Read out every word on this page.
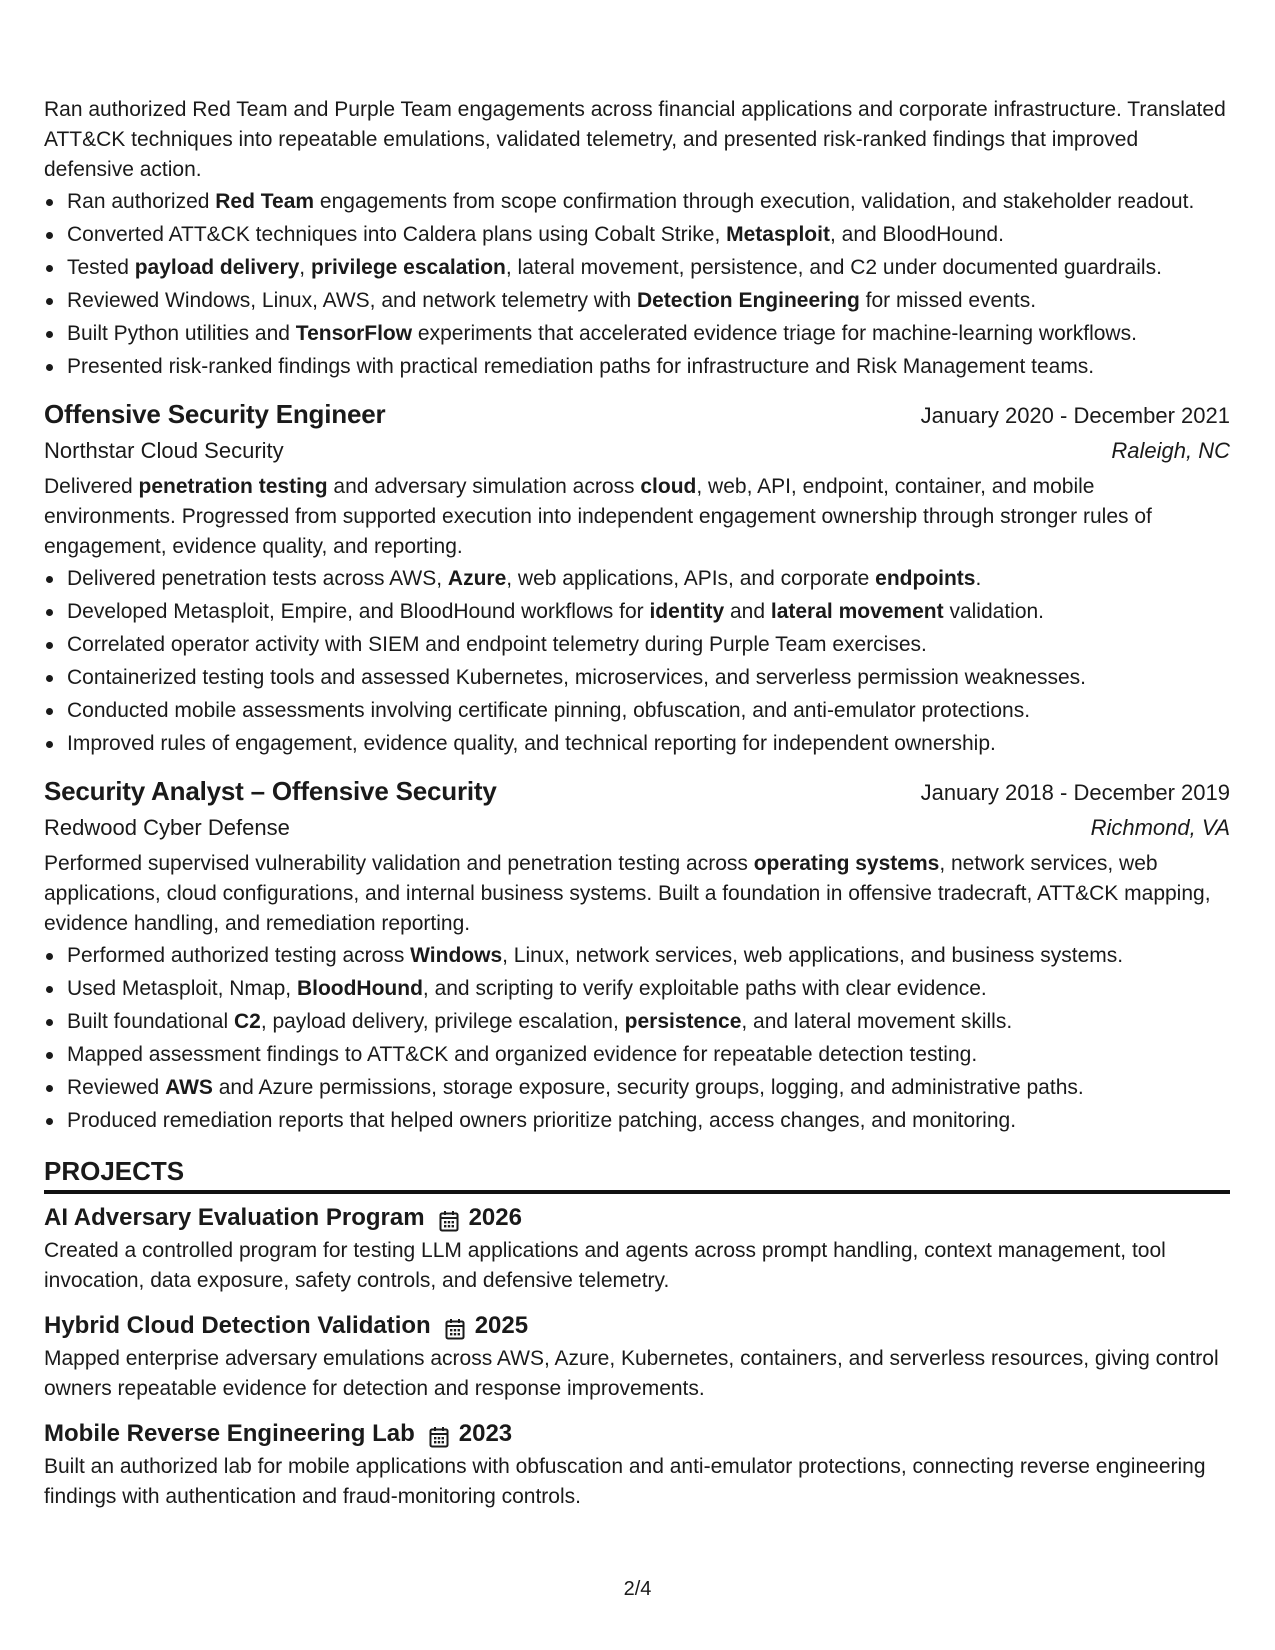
Ran authorized Red Team and Purple Team engagements across financial applications and corporate infrastructure. Translated ATT&CK techniques into repeatable emulations, validated telemetry, and presented risk-ranked findings that improved defensive action.

Ran authorized Red Team engagements from scope confirmation through execution, validation, and stakeholder readout.
Converted ATT&CK techniques into Caldera plans using Cobalt Strike, Metasploit, and BloodHound.
Tested payload delivery, privilege escalation, lateral movement, persistence, and C2 under documented guardrails.
Reviewed Windows, Linux, AWS, and network telemetry with Detection Engineering for missed events.
Built Python utilities and TensorFlow experiments that accelerated evidence triage for machine-learning workflows.
Presented risk-ranked findings with practical remediation paths for infrastructure and Risk Management teams.
Offensive Security Engineer	January 2020 - December 2021
Northstar Cloud Security	Raleigh, NC

Delivered penetration testing and adversary simulation across cloud, web, API, endpoint, container, and mobile environments. Progressed from supported execution into independent engagement ownership through stronger rules of engagement, evidence quality, and reporting.

Delivered penetration tests across AWS, Azure, web applications, APIs, and corporate endpoints.
Developed Metasploit, Empire, and BloodHound workflows for identity and lateral movement validation.
Correlated operator activity with SIEM and endpoint telemetry during Purple Team exercises.
Containerized testing tools and assessed Kubernetes, microservices, and serverless permission weaknesses.
Conducted mobile assessments involving certificate pinning, obfuscation, and anti-emulator protections.
Improved rules of engagement, evidence quality, and technical reporting for independent ownership.
Security Analyst – Offensive Security	January 2018 - December 2019
Redwood Cyber Defense	Richmond, VA

Performed supervised vulnerability validation and penetration testing across operating systems, network services, web applications, cloud configurations, and internal business systems. Built a foundation in offensive tradecraft, ATT&CK mapping, evidence handling, and remediation reporting.

Performed authorized testing across Windows, Linux, network services, web applications, and business systems.
Used Metasploit, Nmap, BloodHound, and scripting to verify exploitable paths with clear evidence.
Built foundational C2, payload delivery, privilege escalation, persistence, and lateral movement skills.
Mapped assessment findings to ATT&CK and organized evidence for repeatable detection testing.
Reviewed AWS and Azure permissions, storage exposure, security groups, logging, and administrative paths.
Produced remediation reports that helped owners prioritize patching, access changes, and monitoring.
PROJECTS
AI Adversary Evaluation Program 2026

Created a controlled program for testing LLM applications and agents across prompt handling, context management, tool invocation, data exposure, safety controls, and defensive telemetry.

Hybrid Cloud Detection Validation 2025

Mapped enterprise adversary emulations across AWS, Azure, Kubernetes, containers, and serverless resources, giving control owners repeatable evidence for detection and response improvements.

Mobile Reverse Engineering Lab 2023

Built an authorized lab for mobile applications with obfuscation and anti-emulator protections, connecting reverse engineering findings with authentication and fraud-monitoring controls.

2/4
